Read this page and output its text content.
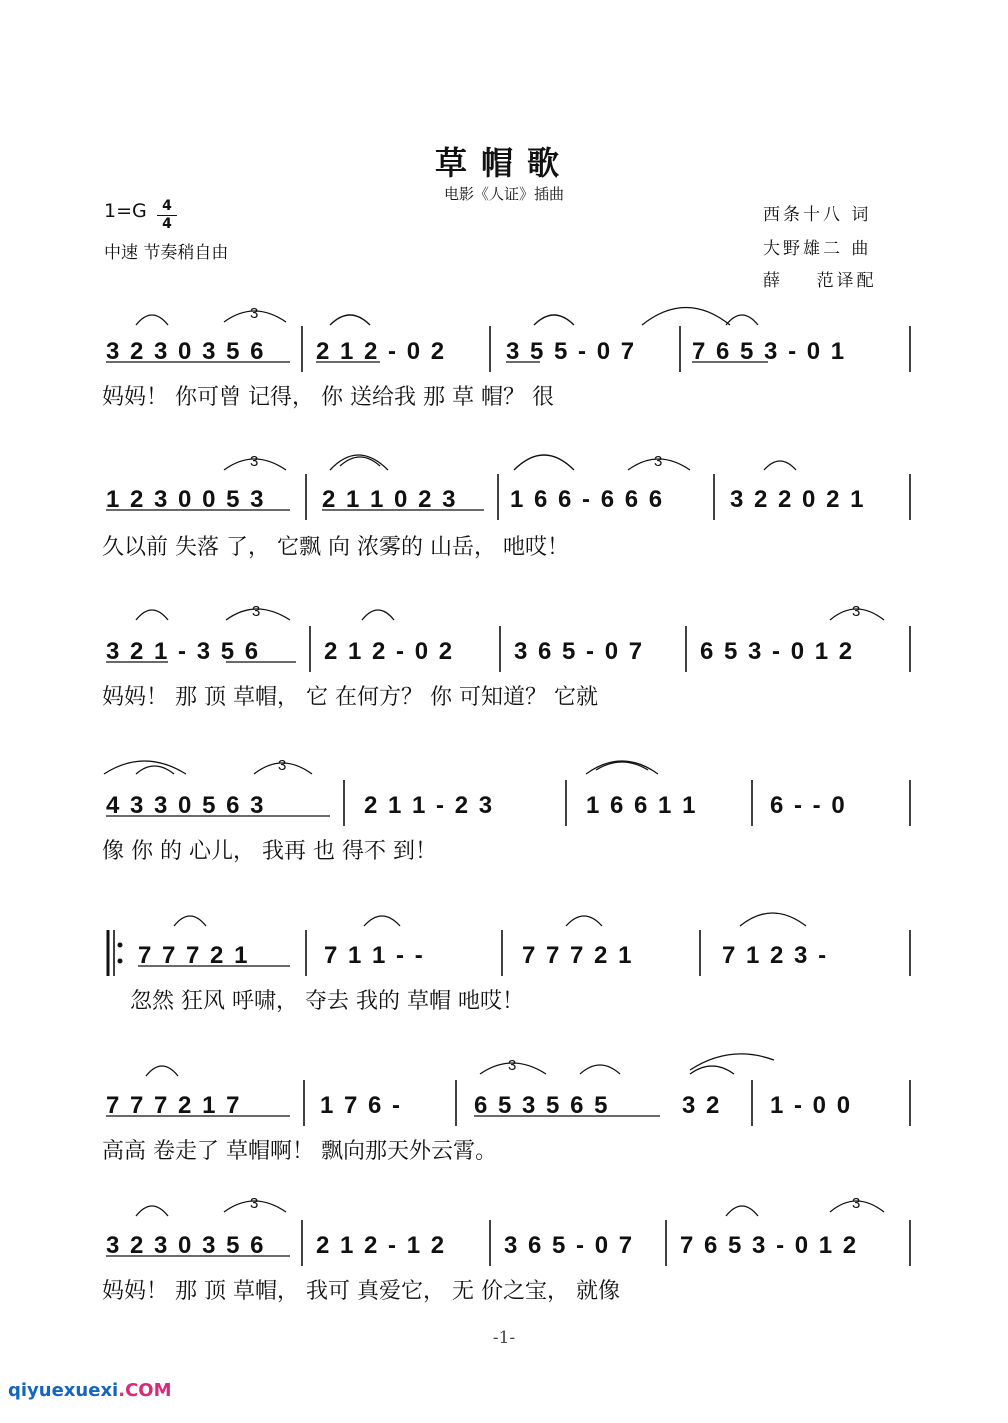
草帽歌
电影《人证》插曲
1=G	4
4
中速 节奏稍自由
西条十八 词
大野雄二 曲
薛    范译配
3 2 3 0 3 5 6 2 1 2 - 0 2 3 5 5 - 0 7 7 6 5 3 - 0 1
妈妈！ 你可曾 记得， 你 送给我 那 草 帽？ 很
1 2 3 0 0 5 3 2 1 1 0 2 3 1 6 6 - 6 6 6	3 2 2 0 2 1
久以前 失落 了， 它飘 向 浓雾的 山岳， 吔哎！
3 2 1 - 3 5 6	2 1 2 - 0 2 3 6 5 - 0 7 6 5 3 - 0 1 2
妈妈！ 那 顶 草帽， 它 在何方？ 你 可知道？ 它就
4 3 3 0 5 6 3	2 1 1 - 2 3	1 6 6 1 1	6 - - 0
像 你 的 心儿， 我再 也 得不 到！
7 7 7 2 1	7 1 1 - -	7 7 7 2 1	7 1 2 3 -
忽然 狂风 呼啸， 夺去 我的 草帽 吔哎！
7 7 7 2 1 7	1 7 6 -	6 5 3 5 6 5	3 2 1 - 0 0
高高 卷走了 草帽啊！ 飘向那天外云霄。
3 2 3 0 3 5 6 2 1 2 - 1 2 3 6 5 - 0 7 7 6 5 3 - 0 1 2
妈妈！ 那 顶 草帽， 我可 真爱它， 无 价之宝， 就像
3
3	3
3	3
3
3
3	3
-1-
qiyuexuexi.COM
